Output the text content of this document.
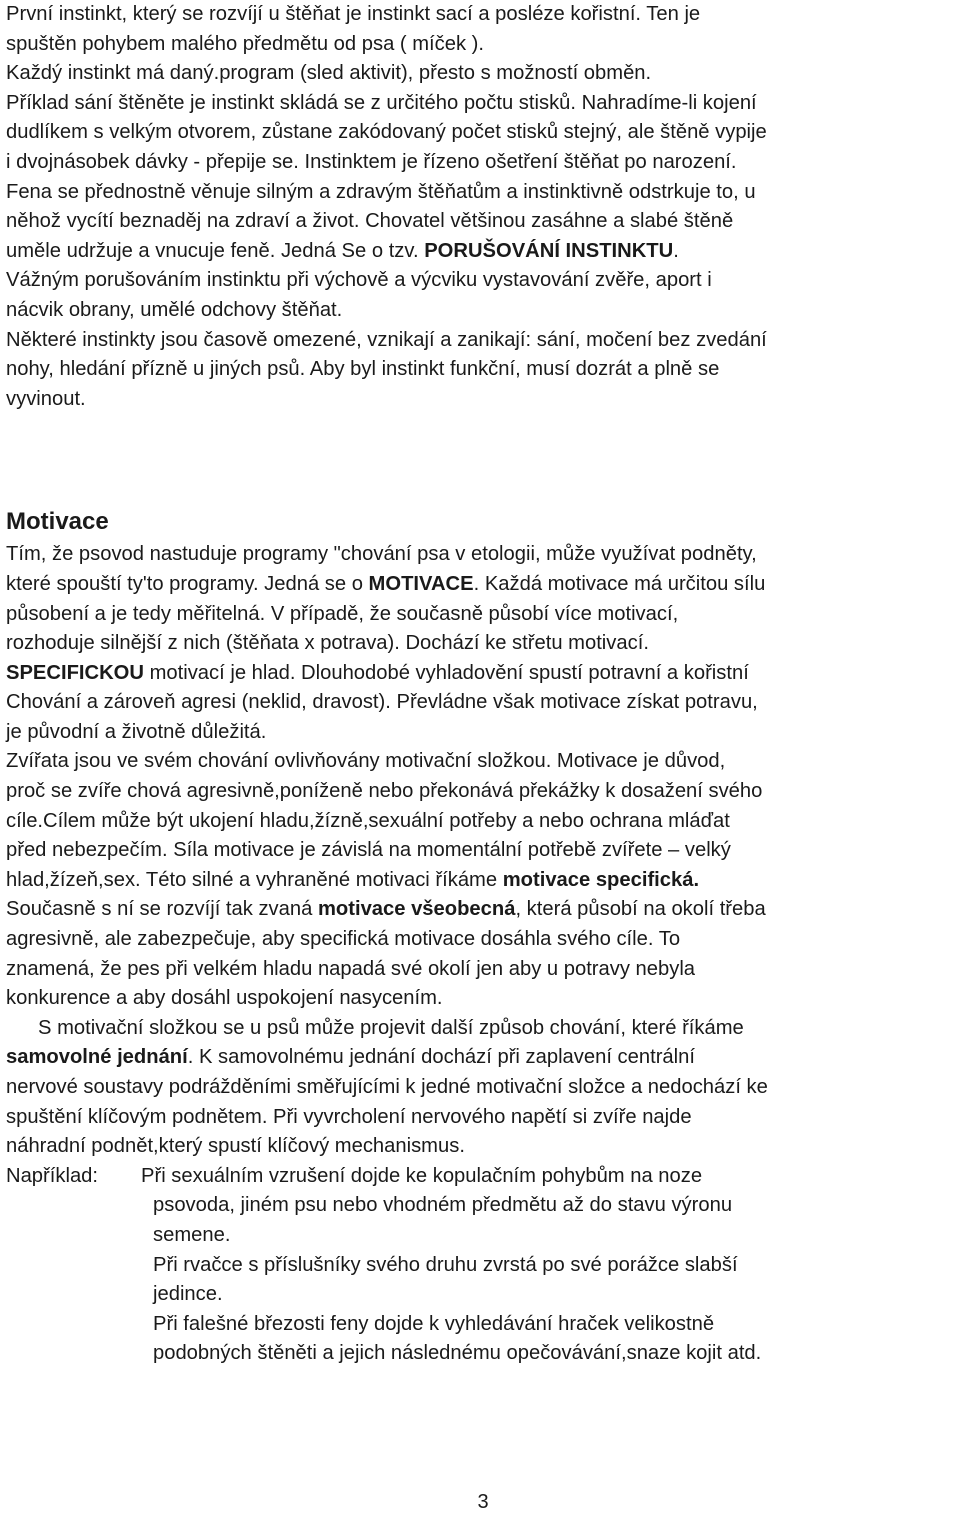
První instinkt, který se rozvíjí u štěňat je instinkt sací a posléze kořistní. Ten je
spuštěn pohybem malého předmětu od psa ( míček ).
Každý instinkt má daný.program (sled aktivit), přesto s možností obměn.
Příklad sání štěněte je instinkt skládá se z určitého počtu stisků. Nahradíme-li kojení
dudlíkem s velkým otvorem, zůstane zakódovaný počet stisků stejný, ale štěně vypije
i dvojnásobek dávky - přepije se. Instinktem je řízeno ošetření štěňat po narození.
Fena se přednostně věnuje silným a zdravým štěňatům a instinktivně odstrkuje to, u
něhož vycítí beznaděj na zdraví a život. Chovatel většinou zasáhne a slabé štěně
uměle udržuje a vnucuje feně. Jedná Se o tzv. PORUŠOVÁNÍ INSTINKTU.
Vážným porušováním instinktu při výchově a výcviku vystavování zvěře, aport i
nácvik obrany, umělé odchovy štěňat.
Některé instinkty jsou časově omezené, vznikají a zanikají: sání, močení bez zvedání
nohy, hledání přízně u jiných psů. Aby byl instinkt funkční, musí dozrát a plně se
vyvinout.
Motivace
Tím, že psovod nastuduje programy "chování psa v etologii, může využívat podněty,
které spouští ty'to programy. Jedná se o MOTIVACE. Každá motivace má určitou sílu
působení a je tedy měřitelná. V případě, že současně působí více motivací,
rozhoduje silnější z nich (štěňata x potrava). Dochází ke střetu motivací.
SPECIFICKOU motivací je hlad. Dlouhodobé vyhladovění spustí potravní a kořistní
Chování a zároveň agresi (neklid, dravost). Převládne však motivace získat potravu,
je původní a životně důležitá.
Zvířata jsou ve svém chování ovlivňovány motivační složkou. Motivace je důvod,
proč se zvíře chová agresivně,poníženě nebo překonává překážky k dosažení svého
cíle.Cílem může být ukojení hladu,žízně,sexuální potřeby a nebo ochrana mláďat
před nebezpečím. Síla motivace je závislá na momentální potřebě zvířete – velký
hlad,žízeň,sex. Této silné a vyhraněné motivaci říkáme motivace specifická.
Současně s ní se rozvíjí tak zvaná motivace všeobecná, která působí na okolí třeba
agresivně, ale zabezpečuje, aby specifická motivace dosáhla svého cíle. To
znamená, že pes při velkém hladu napadá své okolí jen aby u potravy nebyla
konkurence a aby dosáhl uspokojení nasycením.
S motivační složkou se u psů může projevit další způsob chování, které říkáme
samovolné jednání. K samovolnému jednání dochází při zaplavení centrální
nervové soustavy podrážděními směřujícími k jedné motivační složce a nedochází ke
spuštění klíčovým podnětem. Při vyvrcholení nervového napětí si zvíře najde
náhradní podnět,který spustí klíčový mechanismus.
Například: Při sexuálním vzrušení dojde ke kopulačním pohybům na noze
psovoda, jiném psu nebo vhodném předmětu až do stavu výronu
semene.
Při rvačce s příslušníky svého druhu zvrstá po své porážce slabší
jedince.
Při falešné březosti feny dojde k vyhledávání hraček velikostně
podobných štěněti a jejich následnému opečovávání,snaze kojit atd.
3
